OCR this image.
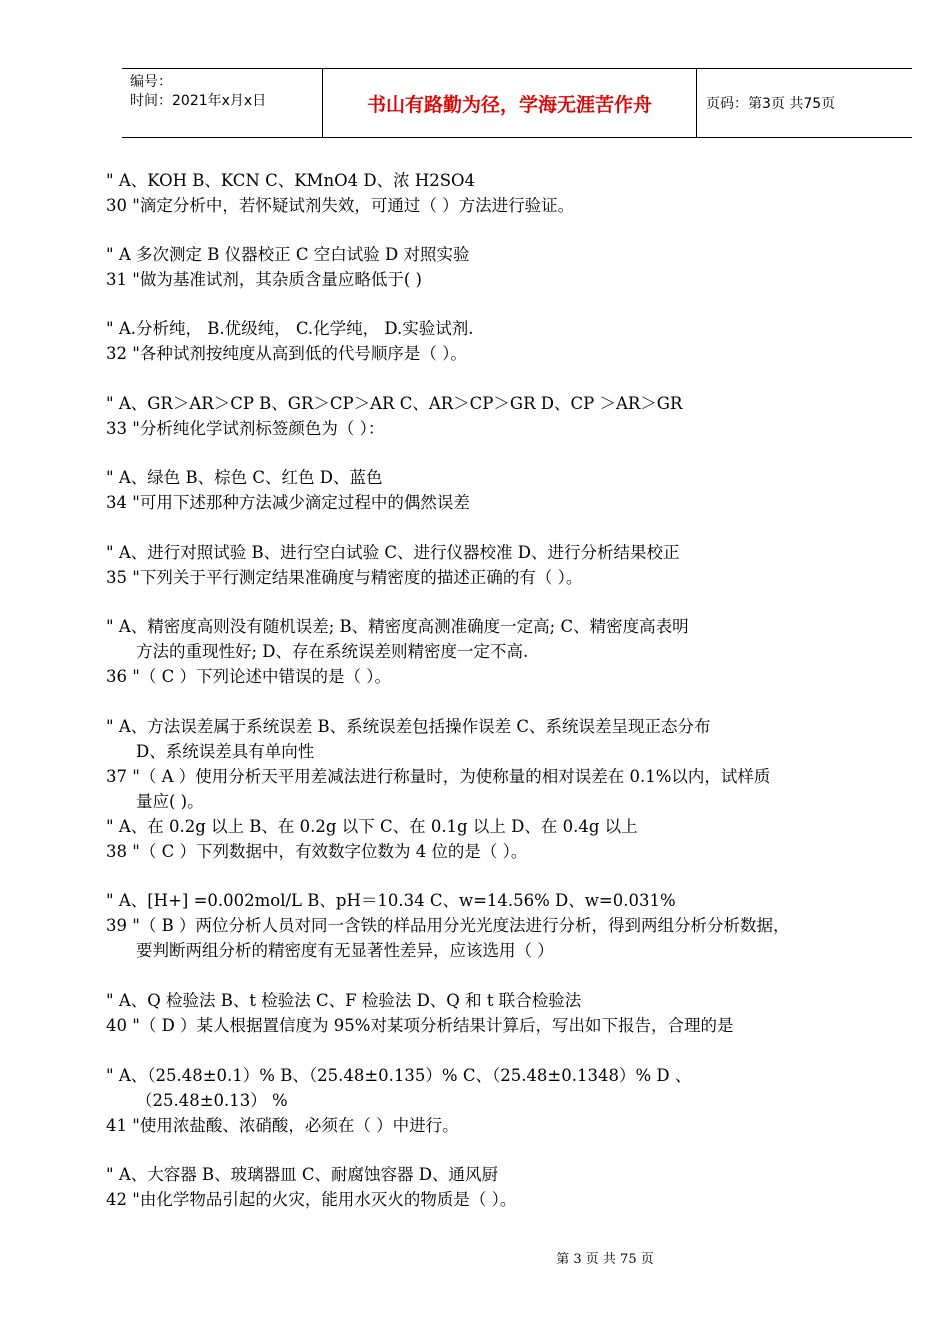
编号：
时间：2021年x月x日	书山有路勤为径，学海无涯苦作舟	页码：第3页 共75页
" A、KOH B、KCN C、KMnO4 D、浓 H2SO4
30 "滴定分析中，若怀疑试剂失效，可通过（ ）方法进行验证。
" A 多次测定 B 仪器校正 C 空白试验 D 对照实验
31 "做为基准试剂，其杂质含量应略低于( )
" A.分析纯， B.优级纯， C.化学纯， D.实验试剂.
32 "各种试剂按纯度从高到低的代号顺序是（ ）。
" A、GR＞AR＞CP B、GR＞CP＞AR C、AR＞CP＞GR D、CP ＞AR＞GR
33 "分析纯化学试剂标签颜色为（ ）：
" A、绿色 B、棕色 C、红色 D、蓝色
34 "可用下述那种方法减少滴定过程中的偶然误差
" A、进行对照试验 B、进行空白试验 C、进行仪器校准 D、进行分析结果校正
35 "下列关于平行测定结果准确度与精密度的描述正确的有（ ）。
" A、精密度高则没有随机误差; B、精密度高测准确度一定高; C、精密度高表明
方法的重现性好; D、存在系统误差则精密度一定不高.
36 "（ C ）下列论述中错误的是（ ）。
" A、方法误差属于系统误差 B、系统误差包括操作误差 C、系统误差呈现正态分布
D、系统误差具有单向性
37 "（ A ）使用分析天平用差减法进行称量时，为使称量的相对误差在 0.1%以内，试样质
量应( )。
" A、在 0.2g 以上 B、在 0.2g 以下 C、在 0.1g 以上 D、在 0.4g 以上
38 "（ C ）下列数据中，有效数字位数为 4 位的是（ ）。
" A、[H+] =0.002mol/L B、pH＝10.34 C、w=14.56% D、w=0.031%
39 "（ B ）两位分析人员对同一含铁的样品用分光光度法进行分析，得到两组分析分析数据，
要判断两组分析的精密度有无显著性差异，应该选用（ ）
" A、Q 检验法 B、t 检验法 C、F 检验法 D、Q 和 t 联合检验法
40 "（ D ）某人根据置信度为 95%对某项分析结果计算后，写出如下报告，合理的是
" A、（25.48±0.1）% B、（25.48±0.135）% C、（25.48±0.1348）% D 、
（25.48±0.13） %
41 "使用浓盐酸、浓硝酸，必须在（ ）中进行。
" A、大容器 B、玻璃器皿 C、耐腐蚀容器 D、通风厨
42 "由化学物品引起的火灾，能用水灭火的物质是（ ）。
第 3 页 共 75 页
